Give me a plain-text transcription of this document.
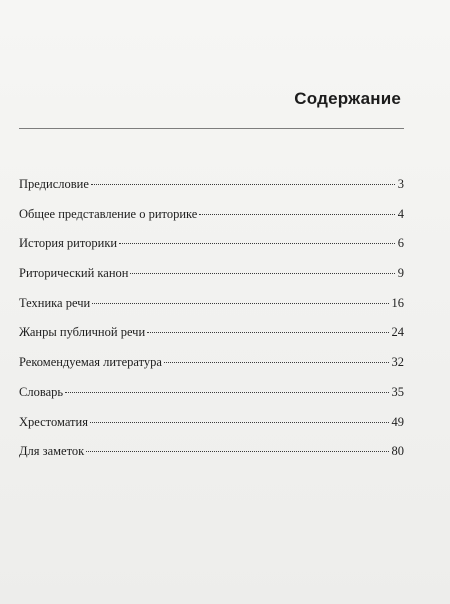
Содержание
Предисловие	3
Общее представление о риторике	4
История риторики	6
Риторический канон	9
Техника речи	16
Жанры публичной речи	24
Рекомендуемая литература	32
Словарь	35
Хрестоматия	49
Для заметок	80
